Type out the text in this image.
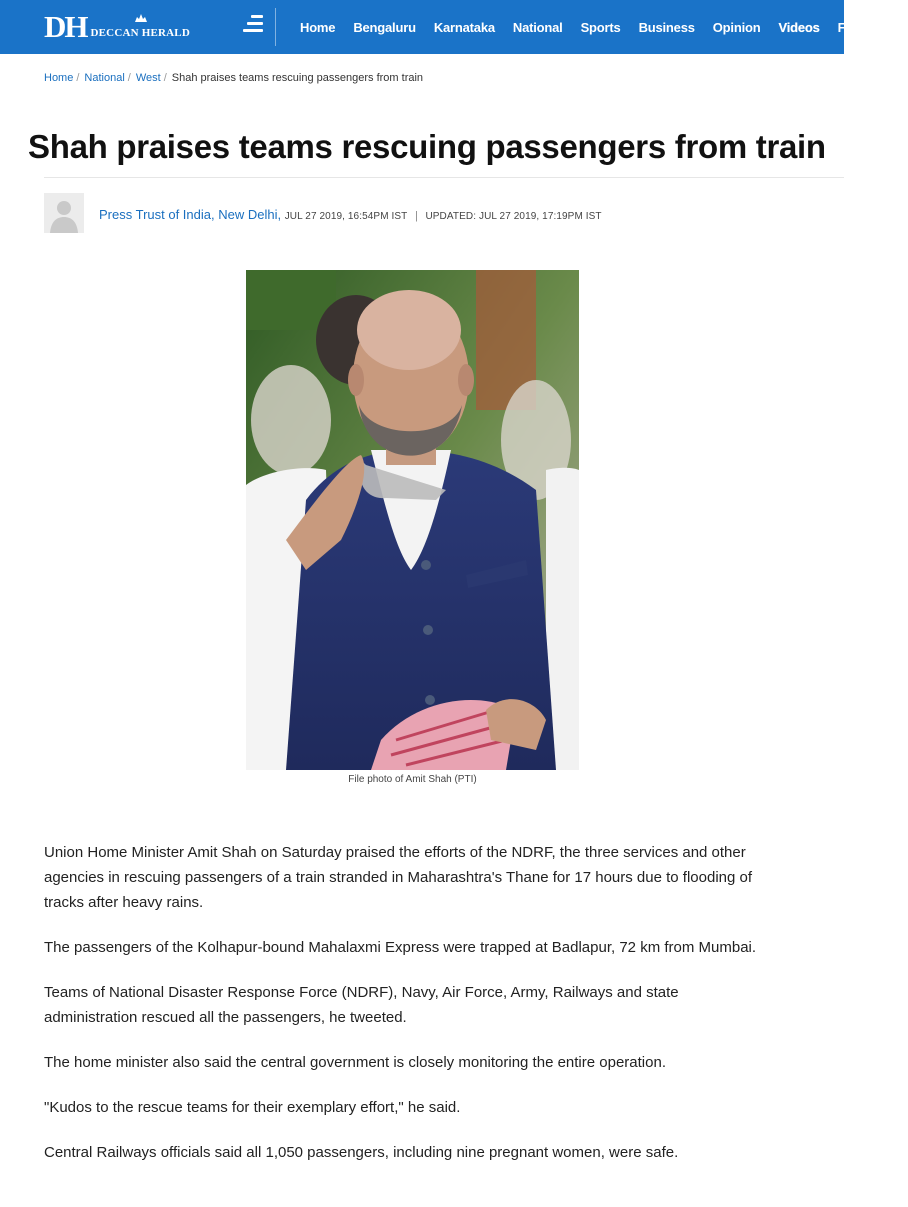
DH DECCAN HERALD	Home Bengaluru Karnataka National Sports Business Opinion Videos Features
Home / National / West / Shah praises teams rescuing passengers from train
Shah praises teams rescuing passengers from train
Press Trust of India, New Delhi, JUL 27 2019, 16:54PM IST | UPDATED: JUL 27 2019, 17:19PM IST
File photo of Amit Shah (PTI)

Union Home Minister Amit Shah on Saturday praised the efforts of the NDRF, the three services and other agencies in rescuing passengers of a train stranded in Maharashtra's Thane for 17 hours due to flooding of tracks after heavy rains.

The passengers of the Kolhapur-bound Mahalaxmi Express were trapped at Badlapur, 72 km from Mumbai.

Teams of National Disaster Response Force (NDRF), Navy, Air Force, Army, Railways and state administration rescued all the passengers, he tweeted.

The home minister also said the central government is closely monitoring the entire operation.

"Kudos to the rescue teams for their exemplary effort," he said.

Central Railways officials said all 1,050 passengers, including nine pregnant women, were safe.
